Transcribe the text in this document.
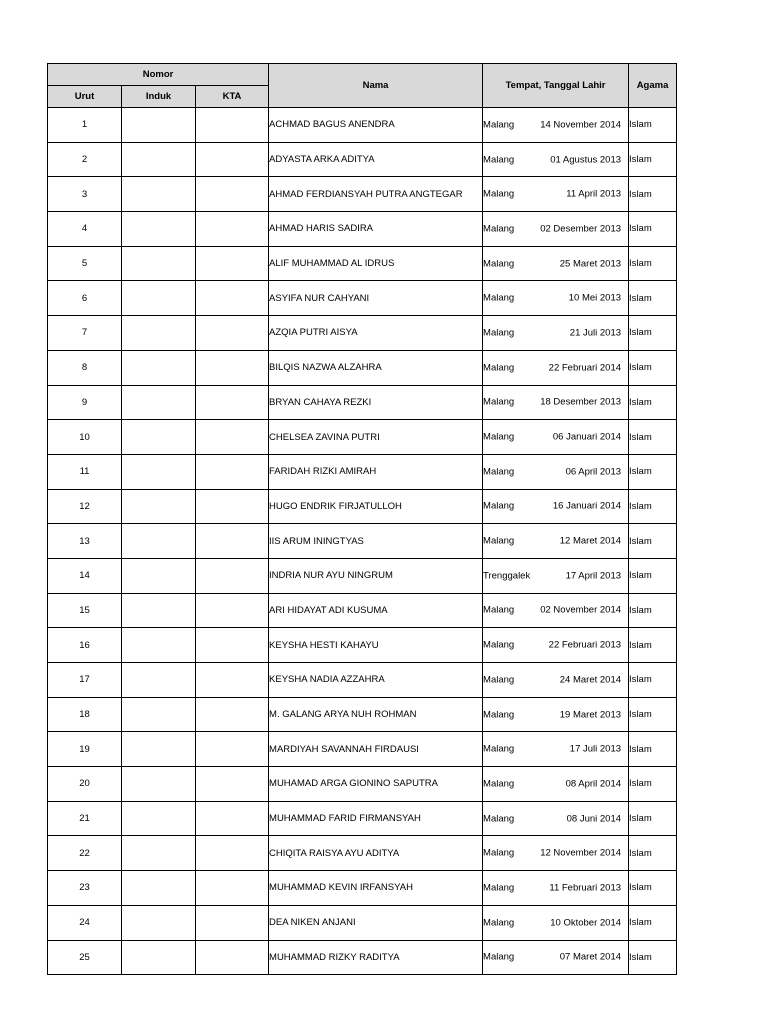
Nomor			Nama	Tempat, Tanggal Lahir	Agama
Urut	Induk	KTA			
1			ACHMAD BAGUS ANENDRA	Malang 14 November 2014	Islam
2			ADYASTA ARKA ADITYA	Malang 01 Agustus 2013	Islam
3			AHMAD FERDIANSYAH PUTRA ANGTEGAR	Malang 11 April 2013	Islam
4			AHMAD HARIS SADIRA	Malang 02 Desember 2013	Islam
5			ALIF MUHAMMAD AL IDRUS	Malang 25 Maret 2013	Islam
6			ASYIFA NUR CAHYANI	Malang 10 Mei 2013	Islam
7			AZQIA PUTRI AISYA	Malang 21 Juli 2013	Islam
8			BILQIS NAZWA ALZAHRA	Malang 22 Februari 2014	Islam
9			BRYAN CAHAYA REZKI	Malang 18 Desember 2013	Islam
10			CHELSEA ZAVINA PUTRI	Malang 06 Januari 2014	Islam
11			FARIDAH RIZKI AMIRAH	Malang 06 April 2013	Islam
12			HUGO ENDRIK FIRJATULLOH	Malang 16 Januari 2014	Islam
13			IIS ARUM ININGTYAS	Malang 12 Maret 2014	Islam
14			INDRIA NUR AYU NINGRUM	Trenggalek 17 April 2013	Islam
15			ARI HIDAYAT ADI KUSUMA	Malang 02 November 2014	Islam
16			KEYSHA HESTI KAHAYU	Malang 22 Februari 2013	Islam
17			KEYSHA NADIA AZZAHRA	Malang 24 Maret 2014	Islam
18			M. GALANG ARYA NUH ROHMAN	Malang 19 Maret 2013	Islam
19			MARDIYAH SAVANNAH FIRDAUSI	Malang 17 Juli 2013	Islam
20			MUHAMAD ARGA GIONINO SAPUTRA	Malang 08 April 2014	Islam
21			MUHAMMAD FARID FIRMANSYAH	Malang 08 Juni 2014	Islam
22			CHIQITA RAISYA AYU ADITYA	Malang 12 November 2014	Islam
23			MUHAMMAD KEVIN IRFANSYAH	Malang 11 Februari 2013	Islam
24			DEA NIKEN ANJANI	Malang 10 Oktober 2014	Islam
25			MUHAMMAD RIZKY RADITYA	Malang 07 Maret 2014	Islam
